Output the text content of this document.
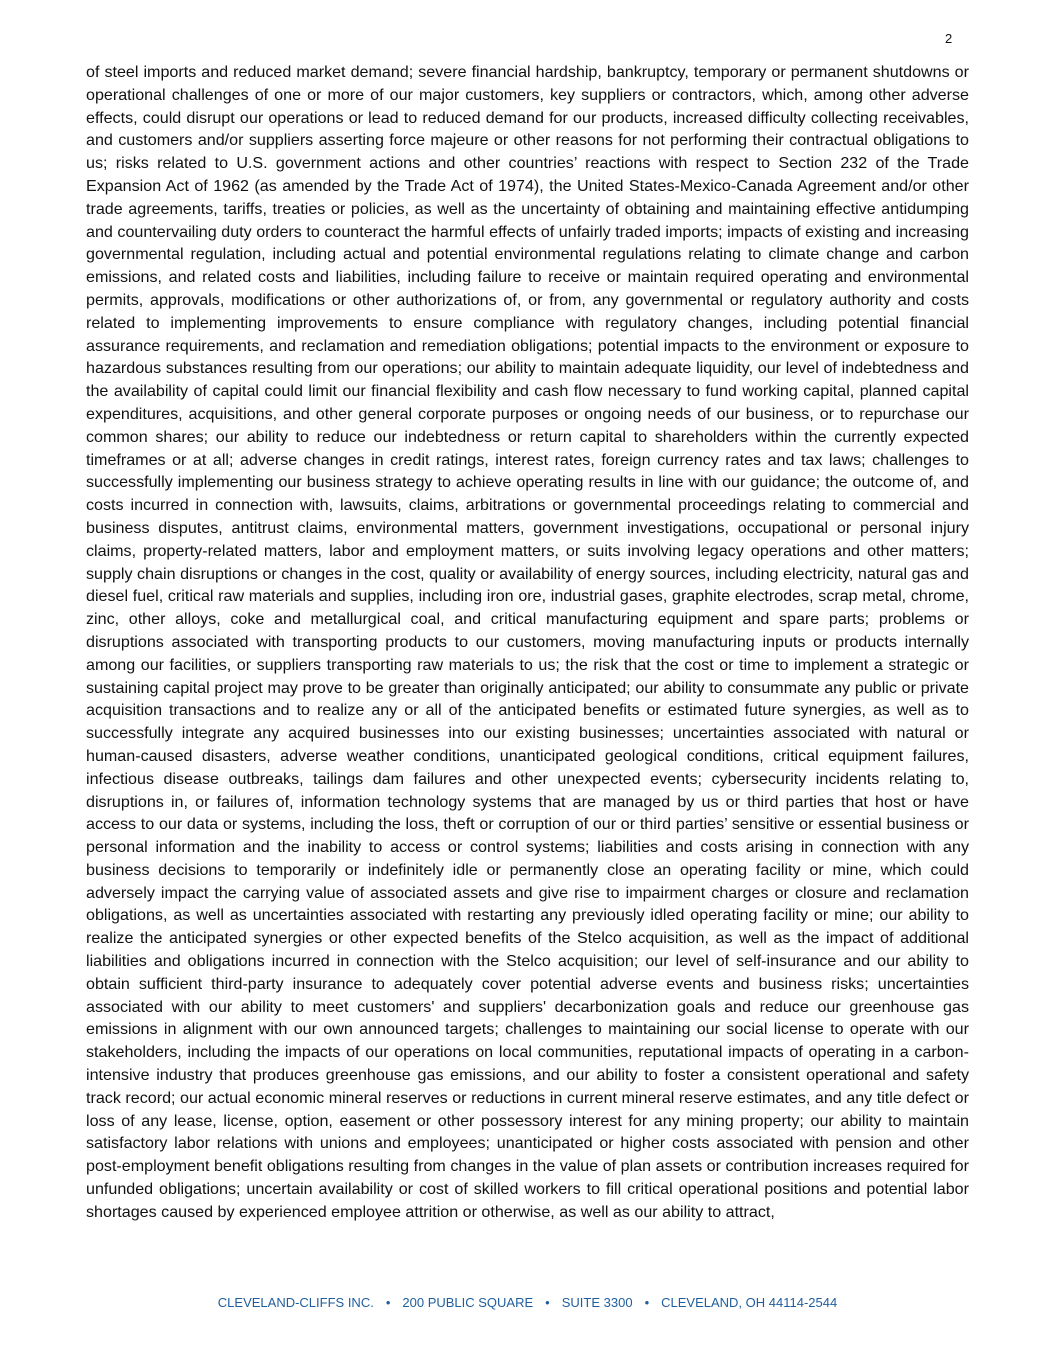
2

of steel imports and reduced market demand; severe financial hardship, bankruptcy, temporary or permanent shutdowns or operational challenges of one or more of our major customers, key suppliers or contractors, which, among other adverse effects, could disrupt our operations or lead to reduced demand for our products, increased difficulty collecting receivables, and customers and/or suppliers asserting force majeure or other reasons for not performing their contractual obligations to us; risks related to U.S. government actions and other countries’ reactions with respect to Section 232 of the Trade Expansion Act of 1962 (as amended by the Trade Act of 1974), the United States-Mexico-Canada Agreement and/or other trade agreements, tariffs, treaties or policies, as well as the uncertainty of obtaining and maintaining effective antidumping and countervailing duty orders to counteract the harmful effects of unfairly traded imports; impacts of existing and increasing governmental regulation, including actual and potential environmental regulations relating to climate change and carbon emissions, and related costs and liabilities, including failure to receive or maintain required operating and environmental permits, approvals, modifications or other authorizations of, or from, any governmental or regulatory authority and costs related to implementing improvements to ensure compliance with regulatory changes, including potential financial assurance requirements, and reclamation and remediation obligations; potential impacts to the environment or exposure to hazardous substances resulting from our operations; our ability to maintain adequate liquidity, our level of indebtedness and the availability of capital could limit our financial flexibility and cash flow necessary to fund working capital, planned capital expenditures, acquisitions, and other general corporate purposes or ongoing needs of our business, or to repurchase our common shares; our ability to reduce our indebtedness or return capital to shareholders within the currently expected timeframes or at all; adverse changes in credit ratings, interest rates, foreign currency rates and tax laws; challenges to successfully implementing our business strategy to achieve operating results in line with our guidance; the outcome of, and costs incurred in connection with, lawsuits, claims, arbitrations or governmental proceedings relating to commercial and business disputes, antitrust claims, environmental matters, government investigations, occupational or personal injury claims, property-related matters, labor and employment matters, or suits involving legacy operations and other matters; supply chain disruptions or changes in the cost, quality or availability of energy sources, including electricity, natural gas and diesel fuel, critical raw materials and supplies, including iron ore, industrial gases, graphite electrodes, scrap metal, chrome, zinc, other alloys, coke and metallurgical coal, and critical manufacturing equipment and spare parts; problems or disruptions associated with transporting products to our customers, moving manufacturing inputs or products internally among our facilities, or suppliers transporting raw materials to us; the risk that the cost or time to implement a strategic or sustaining capital project may prove to be greater than originally anticipated; our ability to consummate any public or private acquisition transactions and to realize any or all of the anticipated benefits or estimated future synergies, as well as to successfully integrate any acquired businesses into our existing businesses; uncertainties associated with natural or human-caused disasters, adverse weather conditions, unanticipated geological conditions, critical equipment failures, infectious disease outbreaks, tailings dam failures and other unexpected events; cybersecurity incidents relating to, disruptions in, or failures of, information technology systems that are managed by us or third parties that host or have access to our data or systems, including the loss, theft or corruption of our or third parties’ sensitive or essential business or personal information and the inability to access or control systems; liabilities and costs arising in connection with any business decisions to temporarily or indefinitely idle or permanently close an operating facility or mine, which could adversely impact the carrying value of associated assets and give rise to impairment charges or closure and reclamation obligations, as well as uncertainties associated with restarting any previously idled operating facility or mine; our ability to realize the anticipated synergies or other expected benefits of the Stelco acquisition, as well as the impact of additional liabilities and obligations incurred in connection with the Stelco acquisition; our level of self-insurance and our ability to obtain sufficient third-party insurance to adequately cover potential adverse events and business risks; uncertainties associated with our ability to meet customers' and suppliers' decarbonization goals and reduce our greenhouse gas emissions in alignment with our own announced targets; challenges to maintaining our social license to operate with our stakeholders, including the impacts of our operations on local communities, reputational impacts of operating in a carbon-intensive industry that produces greenhouse gas emissions, and our ability to foster a consistent operational and safety track record; our actual economic mineral reserves or reductions in current mineral reserve estimates, and any title defect or loss of any lease, license, option, easement or other possessory interest for any mining property; our ability to maintain satisfactory labor relations with unions and employees; unanticipated or higher costs associated with pension and other post-employment benefit obligations resulting from changes in the value of plan assets or contribution increases required for unfunded obligations; uncertain availability or cost of skilled workers to fill critical operational positions and potential labor shortages caused by experienced employee attrition or otherwise, as well as our ability to attract,

CLEVELAND-CLIFFS INC. • 200 PUBLIC SQUARE • SUITE 3300 • CLEVELAND, OH 44114-2544
